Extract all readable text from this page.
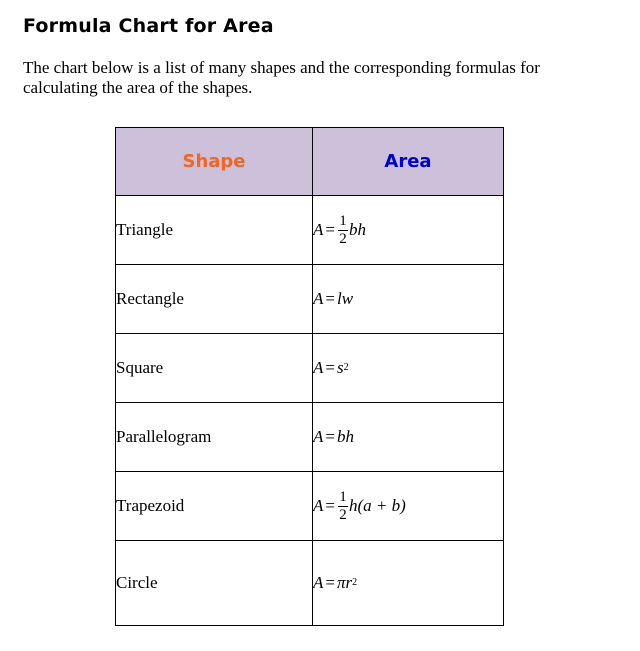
Formula Chart for Area
The chart below is a list of many shapes and the corresponding formulas for calculating the area of the shapes.
Shape	Area
Triangle	$A = \frac{1}{2}$ bh

Rectangle	A = lw

Square	A = s 2

Parallelogram	A = bh

Trapezoid	$A = \frac{1}{2} h(a + b)$

Circle	A = πr 2
